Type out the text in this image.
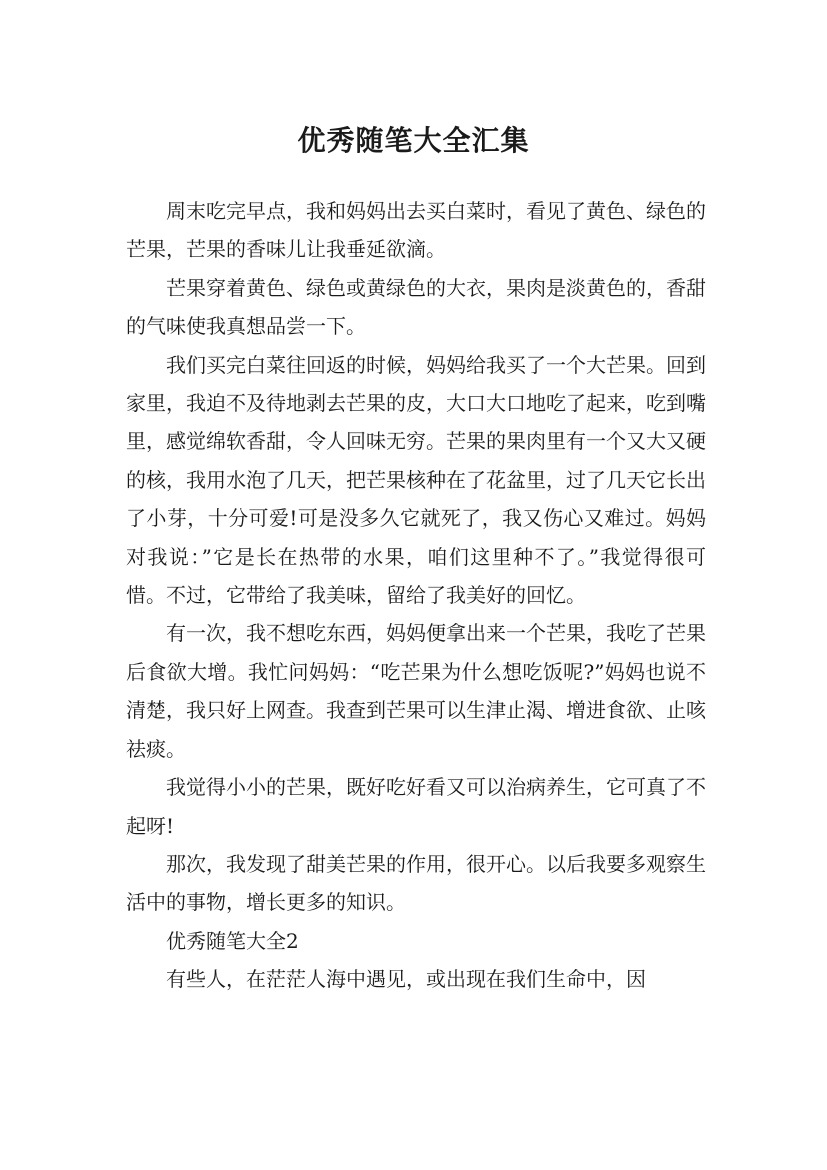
优秀随笔大全汇集

周末吃完早点，我和妈妈出去买白菜时，看见了黄色、绿色的芒果，芒果的香味儿让我垂延欲滴。

芒果穿着黄色、绿色或黄绿色的大衣，果肉是淡黄色的，香甜的气味使我真想品尝一下。

我们买完白菜往回返的时候，妈妈给我买了一个大芒果。回到家里，我迫不及待地剥去芒果的皮，大口大口地吃了起来，吃到嘴里，感觉绵软香甜，令人回味无穷。芒果的果肉里有一个又大又硬的核，我用水泡了几天，把芒果核种在了花盆里，过了几天它长出了小芽，十分可爱!可是没多久它就死了，我又伤心又难过。妈妈对我说：”它是长在热带的水果，咱们这里种不了。”我觉得很可惜。不过，它带给了我美味，留给了我美好的回忆。

有一次，我不想吃东西，妈妈便拿出来一个芒果，我吃了芒果后食欲大增。我忙问妈妈：“吃芒果为什么想吃饭呢?”妈妈也说不清楚，我只好上网查。我查到芒果可以生津止渴、增进食欲、止咳祛痰。

我觉得小小的芒果，既好吃好看又可以治病养生，它可真了不起呀!

那次，我发现了甜美芒果的作用，很开心。以后我要多观察生活中的事物，增长更多的知识。

优秀随笔大全2

有些人，在茫茫人海中遇见，或出现在我们生命中，因
